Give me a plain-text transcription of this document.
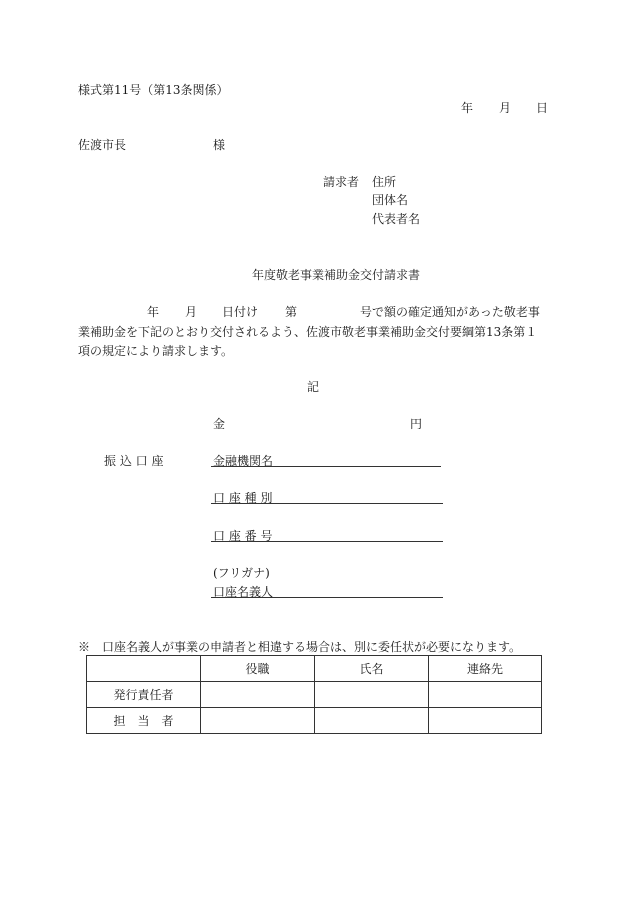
様式第11号（第13条関係）
年 月 日
佐渡市長	様
請求者 住所
団体名
代表者名
年度敬老事業補助金交付請求書
年 月 日付け 第	号で額の確定通知があった敬老事
業補助金を下記のとおり交付されるよう、佐渡市敬老事業補助金交付要綱第13条第１
項の規定により請求します。
記
金	円
振 込 口 座	金融機関名
口 座 種 別
口 座 番 号
(フリガナ)
口座名義人
※　口座名義人が事業の申請者と相違する場合は、別に委任状が必要になります。
	役職	氏名	連絡先
発行責任者			
担　当　者			
